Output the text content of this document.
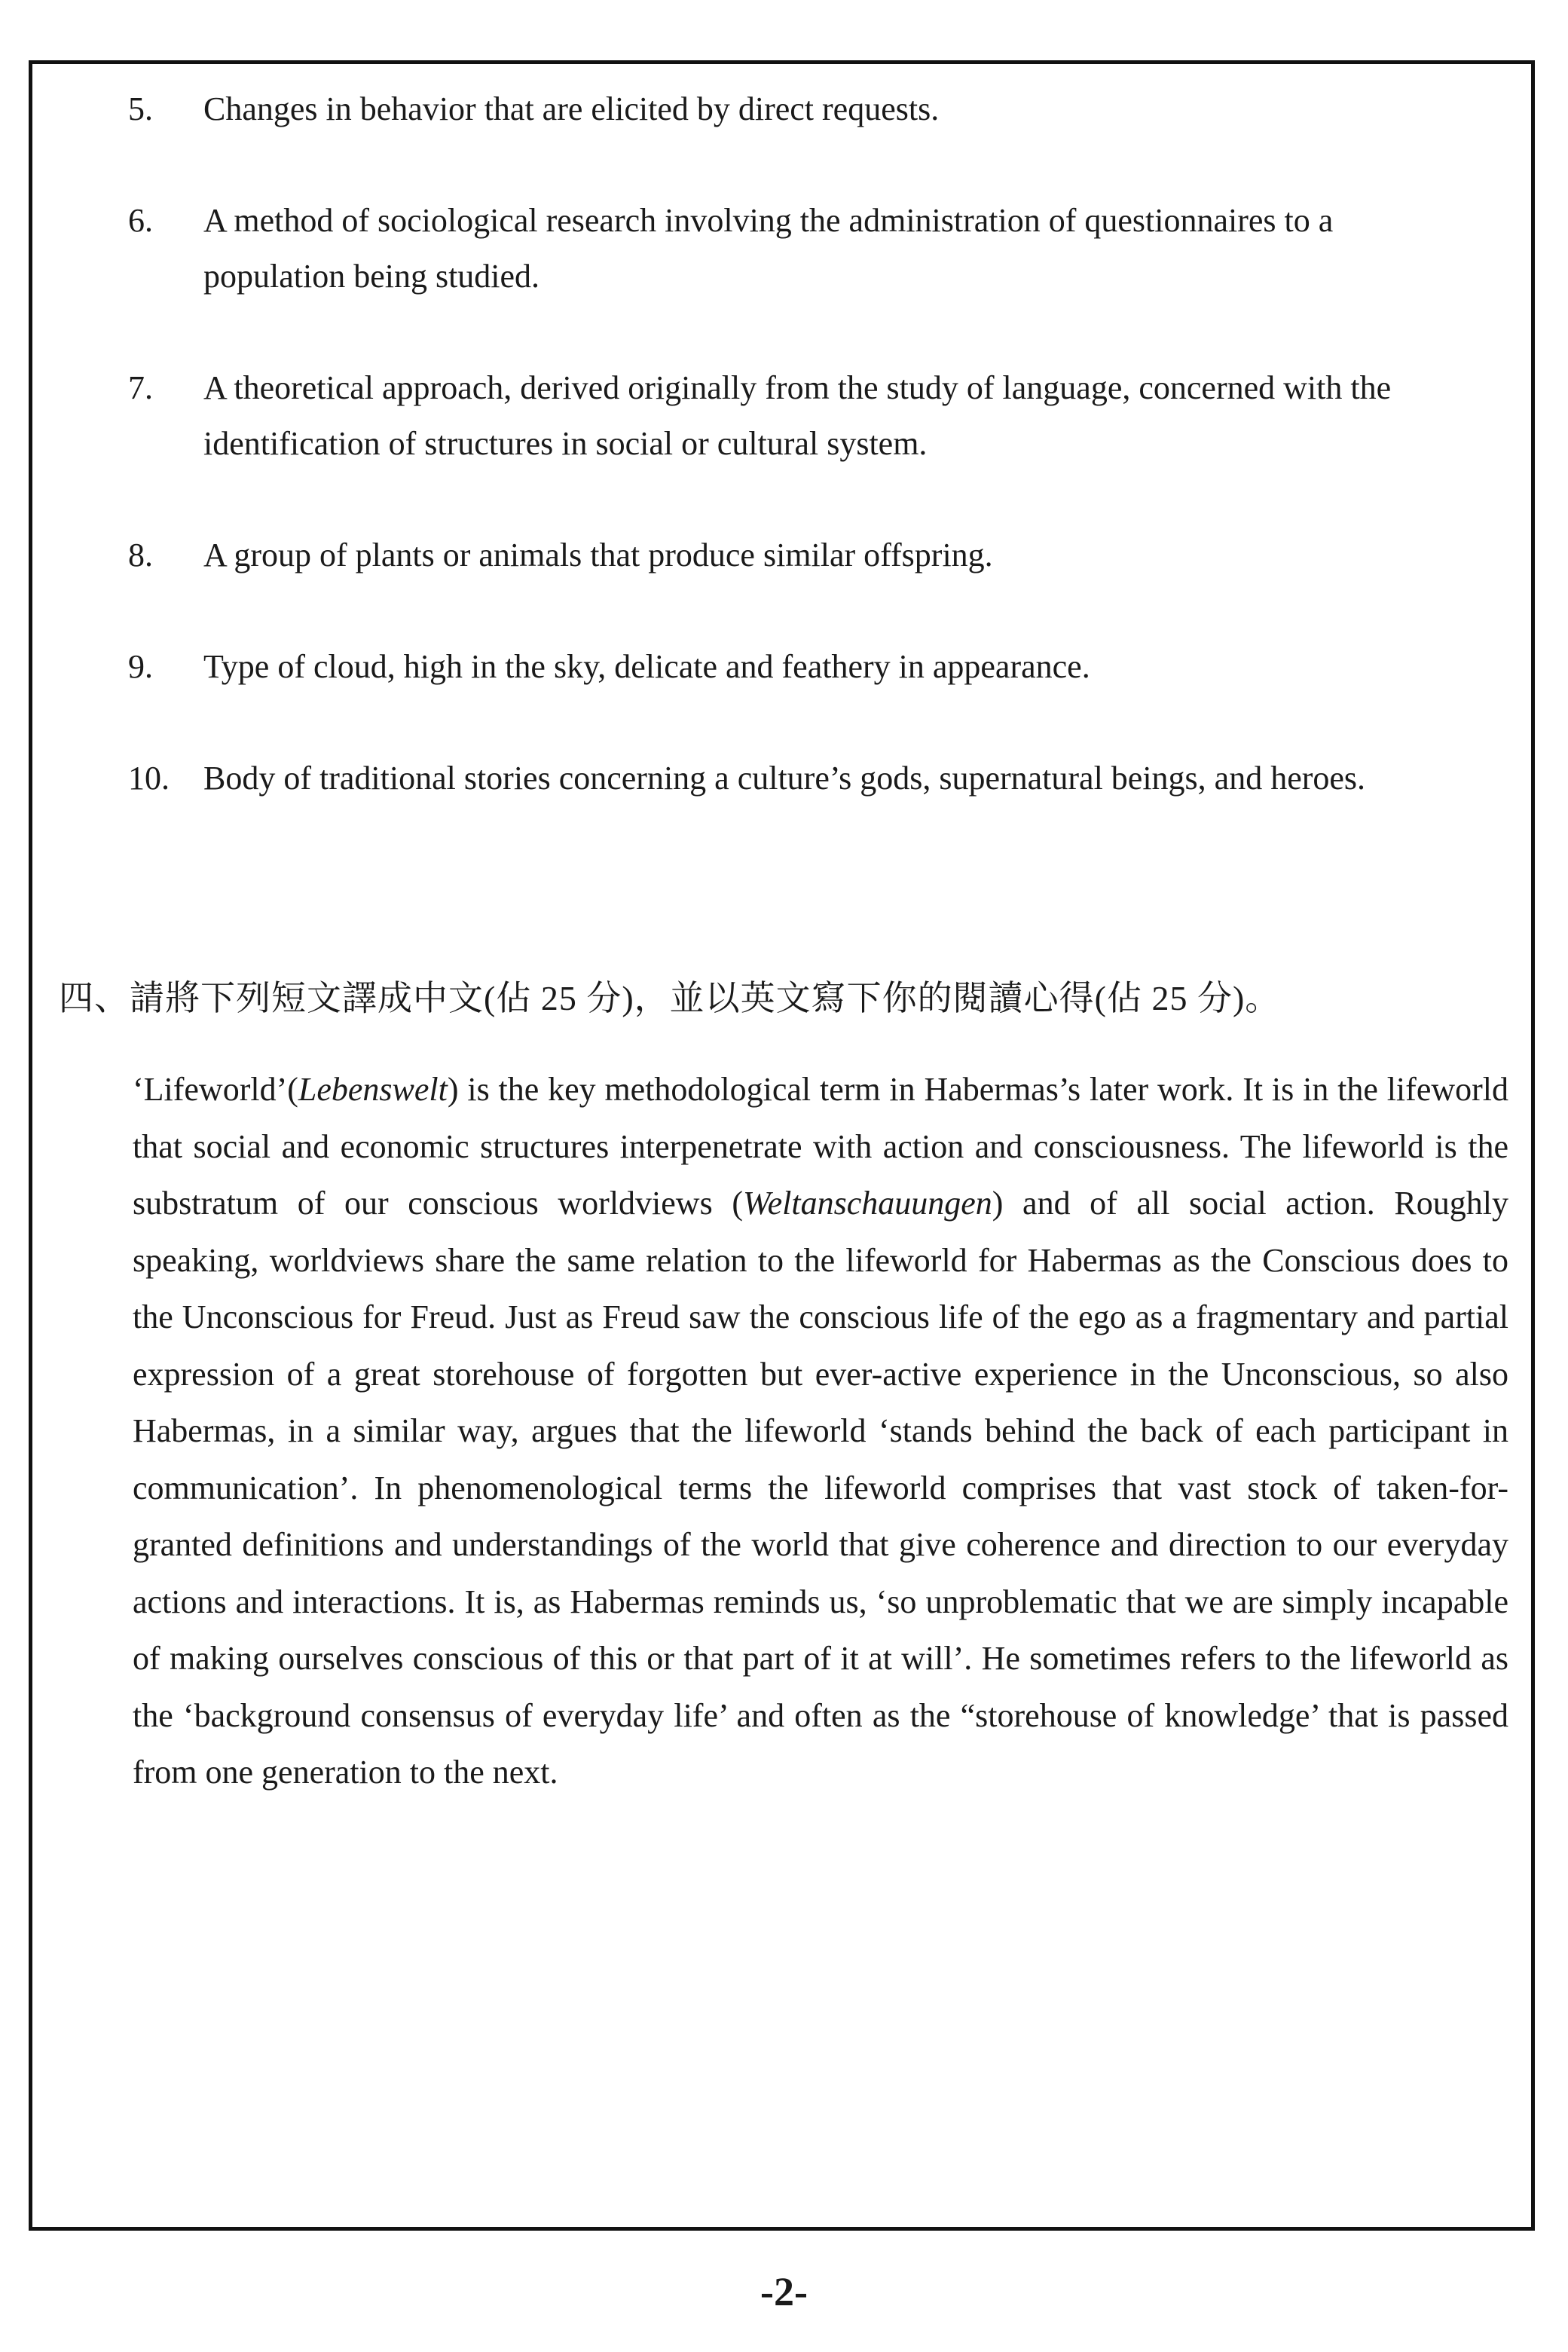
5.	Changes in behavior that are elicited by direct requests.
6.	A method of sociological research involving the administration of questionnaires to a population being studied.
7.	A theoretical approach, derived originally from the study of language, concerned with the identification of structures in social or cultural system.
8.	A group of plants or animals that produce similar offspring.
9.	Type of cloud, high in the sky, delicate and feathery in appearance.
10.	Body of traditional stories concerning a culture’s gods, supernatural beings, and heroes.
四、請將下列短文譯成中文(佔 25 分)，並以英文寫下你的閱讀心得(佔 25 分)。

‘Lifeworld’(Lebenswelt) is the key methodological term in Habermas’s later work. It is in the lifeworld that social and economic structures interpenetrate with action and consciousness. The lifeworld is the substratum of our conscious worldviews (Weltanschauungen) and of all social action. Roughly speaking, worldviews share the same relation to the lifeworld for Habermas as the Conscious does to the Unconscious for Freud. Just as Freud saw the conscious life of the ego as a fragmentary and partial expression of a great storehouse of forgotten but ever-active experience in the Unconscious, so also Habermas, in a similar way, argues that the lifeworld ‘stands behind the back of each participant in communication’. In phenomenological terms the lifeworld comprises that vast stock of taken-for-granted definitions and understandings of the world that give coherence and direction to our everyday actions and interactions. It is, as Habermas reminds us, ‘so unproblematic that we are simply incapable of making ourselves conscious of this or that part of it at will’. He sometimes refers to the lifeworld as the ‘background consensus of everyday life’ and often as the “storehouse of knowledge’ that is passed from one generation to the next.

-2-
